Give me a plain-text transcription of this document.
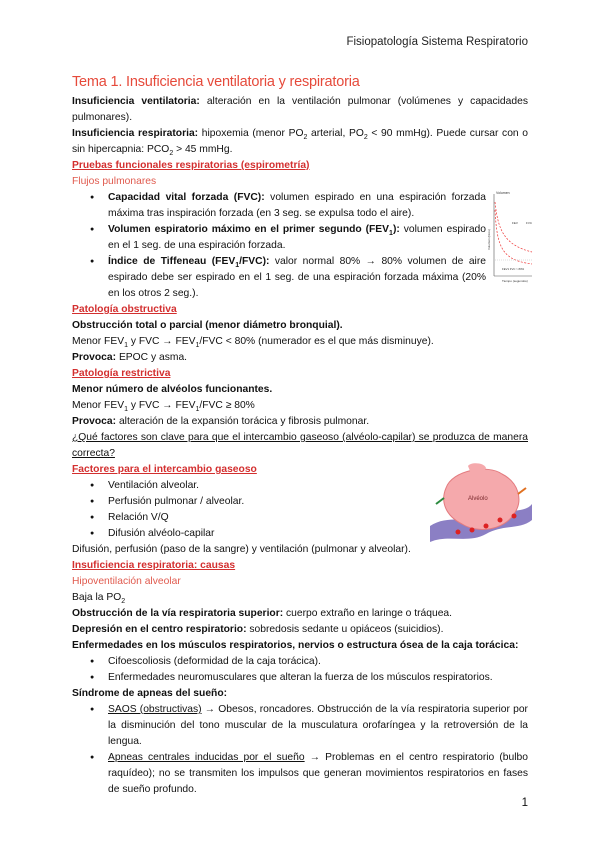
Fisiopatología Sistema Respiratorio
Tema 1. Insuficiencia ventilatoria y respiratoria

Insuficiencia ventilatoria: alteración en la ventilación pulmonar (volúmenes y capacidades pulmonares).

Insuficiencia respiratoria: hipoxemia (menor $PO_2$ arterial, $PO_2 < 90$ mmHg). Puede cursar con o sin hipercapnia: $PCO_2 > 45$ mmHg.

Pruebas funcionales respiratorias (espirometría)

Flujos pulmonares

● Capacidad vital forzada (FVC): volumen espirado en una espiración forzada máxima tras inspiración forzada (en 3 seg. se expulsa todo el aire).
● Volumen espiratorio máximo en el primer segundo $(FEV_1)$: volumen espirado en el 1 seg. de una espiración forzada.
● Índice de Tiffeneau $(FEV_1/FVC)$: valor normal 80% → 80% volumen de aire espirado debe ser espirado en el 1 seg. de una espiración forzada máxima (20% en los otros 2 seg.).

Patología obstructiva

Obstrucción total o parcial (menor diámetro bronquial).

Menor $FEV_1$ y FVC → $FEV_1$/FVC < 80% (numerador es el que más disminuye).

Provoca: EPOC y asma.

Patología restrictiva

Menor número de alvéolos funcionantes.

Menor $FEV_1$ y FVC → $FEV_1$/FVC ≥ 80%

Provoca: alteración de la expansión torácica y fibrosis pulmonar.

¿Qué factores son clave para que el intercambio gaseoso (alvéolo-capilar) se produzca de manera correcta?

Factores para el intercambio gaseoso

● Ventilación alveolar.
● Perfusión pulmonar / alveolar.
● Relación V/Q
● Difusión alvéolo-capilar

Difusión, perfusión (paso de la sangre) y ventilación (pulmonar y alveolar).

Insuficiencia respiratoria: causas

Hipoventilación alveolar

Baja la $PO_2$

Obstrucción de la vía respiratoria superior: cuerpo extraño en laringe o tráquea.

Depresión en el centro respiratorio: sobredosis sedante u opiáceos (suicidios).

Enfermedades en los músculos respiratorios, nervios o estructura ósea de la caja torácica:

● Cifoescoliosis (deformidad de la caja torácica).
● Enfermedades neuromusculares que alteran la fuerza de los músculos respiratorios.

Síndrome de apneas del sueño:

● SAOS (obstructivas) → Obesos, roncadores. Obstrucción de la vía respiratoria superior por la disminución del tono muscular de la musculatura orofaríngea y la retroversión de la lengua.
● Apneas centrales inducidas por el sueño → Problemas en el centro respiratorio (bulbo raquídeo); no se transmiten los impulsos que generan movimientos respiratorios en fases de sueño profundo.
Volumen
Volumen (litros)
Tiempo (segundos)
FEV	FVC
FEV1 FVC > 80%
Alvéolo
1
